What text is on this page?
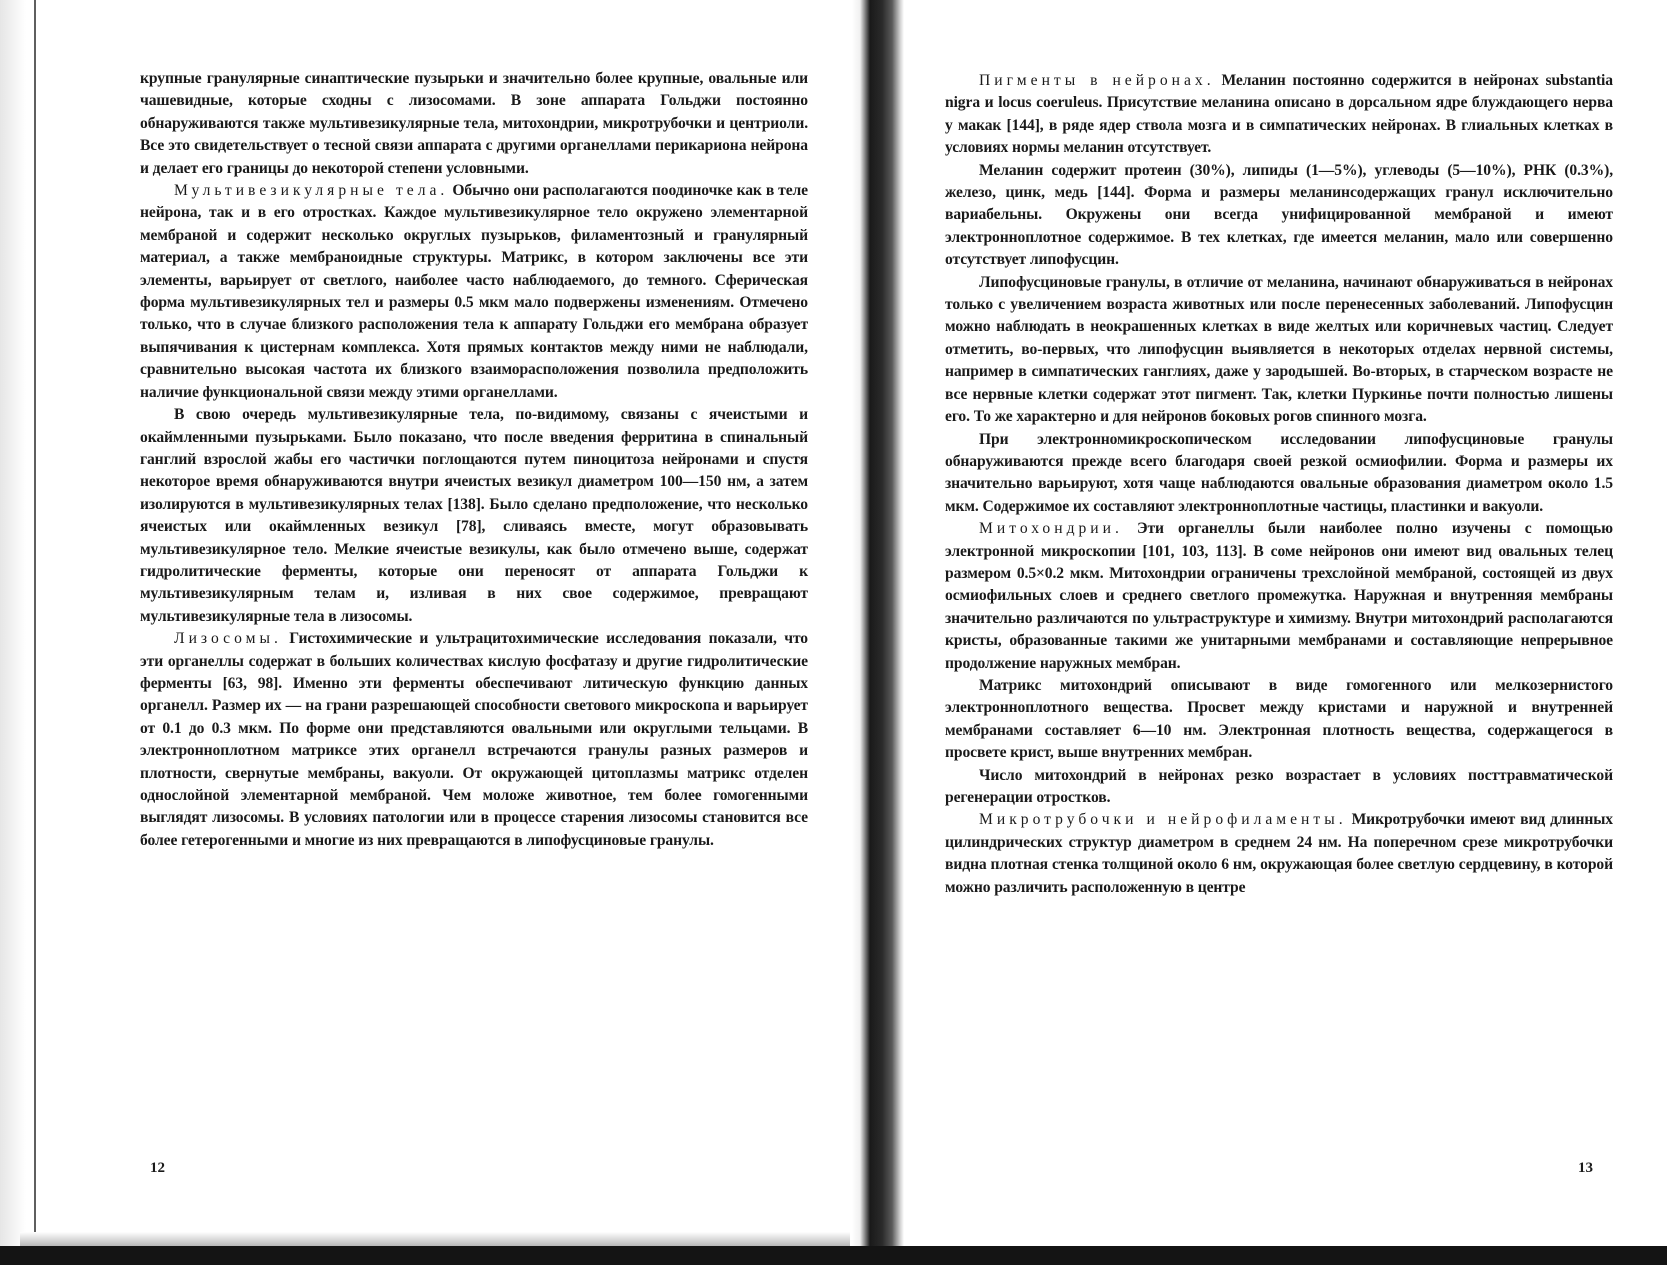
крупные гранулярные синаптические пузырьки и значительно более крупные, овальные или чашевидные, которые сходны с лизосомами. В зоне аппарата Гольджи постоянно обнаруживаются также мультивезикулярные тела, митохондрии, микротрубочки и центриоли. Все это свидетельствует о тесной связи аппарата с другими органеллами перикариона нейрона и делает его границы до некоторой степени условными.

Мультивезикулярные тела. Обычно они располагаются поодиночке как в теле нейрона, так и в его отростках. Каждое мультивезикулярное тело окружено элементарной мембраной и содержит несколько округлых пузырьков, филаментозный и гранулярный материал, а также мембраноидные структуры. Матрикс, в котором заключены все эти элементы, варьирует от светлого, наиболее часто наблюдаемого, до темного. Сферическая форма мультивезикулярных тел и размеры 0.5 мкм мало подвержены изменениям. Отмечено только, что в случае близкого расположения тела к аппарату Гольджи его мембрана образует выпячивания к цистернам комплекса. Хотя прямых контактов между ними не наблюдали, сравнительно высокая частота их близкого взаиморасположения позволила предположить наличие функциональной связи между этими органеллами.

В свою очередь мультивезикулярные тела, по-видимому, связаны с ячеистыми и окаймленными пузырьками. Было показано, что после введения ферритина в спинальный ганглий взрослой жабы его частички поглощаются путем пиноцитоза нейронами и спустя некоторое время обнаруживаются внутри ячеистых везикул диаметром 100—150 нм, а затем изолируются в мультивезикулярных телах [138]. Было сделано предположение, что несколько ячеистых или окаймленных везикул [78], сливаясь вместе, могут образовывать мультивезикулярное тело. Мелкие ячеистые везикулы, как было отмечено выше, содержат гидролитические ферменты, которые они переносят от аппарата Гольджи к мультивезикулярным телам и, изливая в них свое содержимое, превращают мультивезикулярные тела в лизосомы.

Лизосомы. Гистохимические и ультрацитохимические исследования показали, что эти органеллы содержат в больших количествах кислую фосфатазу и другие гидролитические ферменты [63, 98]. Именно эти ферменты обеспечивают литическую функцию данных органелл. Размер их — на грани разрешающей способности светового микроскопа и варьирует от 0.1 до 0.3 мкм. По форме они представляются овальными или округлыми тельцами. В электронноплотном матриксе этих органелл встречаются гранулы разных размеров и плотности, свернутые мембраны, вакуоли. От окружающей цитоплазмы матрикс отделен однослойной элементарной мембраной. Чем моложе животное, тем более гомогенными выглядят лизосомы. В условиях патологии или в процессе старения лизосомы становится все более гетерогенными и многие из них превращаются в липофусциновые гранулы.

12

Пигменты в нейронах. Меланин постоянно содержится в нейронах substantia nigra и locus coeruleus. Присутствие меланина описано в дорсальном ядре блуждающего нерва у макак [144], в ряде ядер ствола мозга и в симпатических нейронах. В глиальных клетках в условиях нормы меланин отсутствует.

Меланин содержит протеин (30%), липиды (1—5%), углеводы (5—10%), РНК (0.3%), железо, цинк, медь [144]. Форма и размеры меланинсодержащих гранул исключительно вариабельны. Окружены они всегда унифицированной мембраной и имеют электронноплотное содержимое. В тех клетках, где имеется меланин, мало или совершенно отсутствует липофусцин.

Липофусциновые гранулы, в отличие от меланина, начинают обнаруживаться в нейронах только с увеличением возраста животных или после перенесенных заболеваний. Липофусцин можно наблюдать в неокрашенных клетках в виде желтых или коричневых частиц. Следует отметить, во-первых, что липофусцин выявляется в некоторых отделах нервной системы, например в симпатических ганглиях, даже у зародышей. Во-вторых, в старческом возрасте не все нервные клетки содержат этот пигмент. Так, клетки Пуркинье почти полностью лишены его. То же характерно и для нейронов боковых рогов спинного мозга.

При электронномикроскопическом исследовании липофусциновые гранулы обнаруживаются прежде всего благодаря своей резкой осмиофилии. Форма и размеры их значительно варьируют, хотя чаще наблюдаются овальные образования диаметром около 1.5 мкм. Содержимое их составляют электронноплотные частицы, пластинки и вакуоли.

Митохондрии. Эти органеллы были наиболее полно изучены с помощью электронной микроскопии [101, 103, 113]. В соме нейронов они имеют вид овальных телец размером 0.5×0.2 мкм. Митохондрии ограничены трехслойной мембраной, состоящей из двух осмиофильных слоев и среднего светлого промежутка. Наружная и внутренняя мембраны значительно различаются по ультраструктуре и химизму. Внутри митохондрий располагаются кристы, образованные такими же унитарными мембранами и составляющие непрерывное продолжение наружных мембран.

Матрикс митохондрий описывают в виде гомогенного или мелкозернистого электронноплотного вещества. Просвет между кристами и наружной и внутренней мембранами составляет 6—10 нм. Электронная плотность вещества, содержащегося в просвете крист, выше внутренних мембран.

Число митохондрий в нейронах резко возрастает в условиях посттравматической регенерации отростков.

Микротрубочки и нейрофиламенты. Микротрубочки имеют вид длинных цилиндрических структур диаметром в среднем 24 нм. На поперечном срезе микротрубочки видна плотная стенка толщиной около 6 нм, окружающая более светлую сердцевину, в которой можно различить расположенную в центре

13
